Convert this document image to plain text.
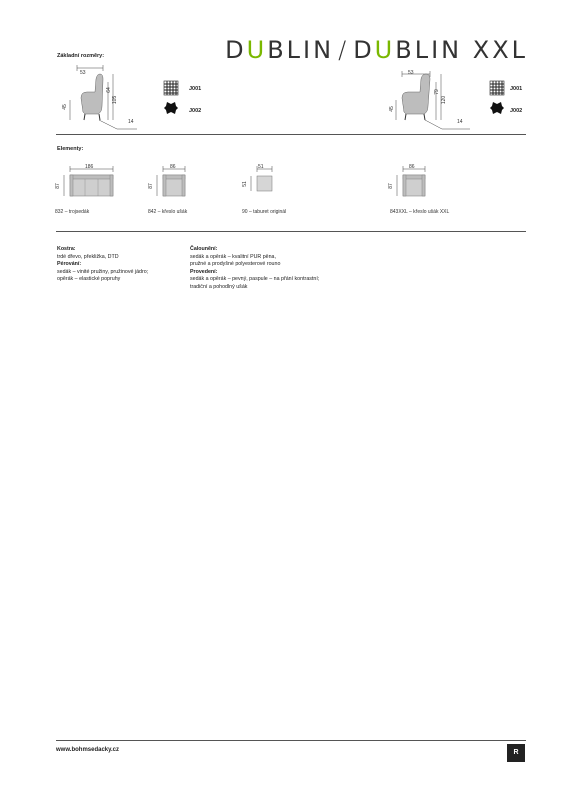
DUBLIN / DUBLIN XXL
Základní rozměry:
53
45
64
105
14
J001
J002
53
45
79
120
14
J001
J002
Elementy:
186
87
832 – trojsedák
86
87
842 – křeslo ušák
51
51
90 – taburet originál
86
87
843XXL – křeslo ušák XXL
Kostra:
trdé dřevo, překližka, DTD
Pérování:
sedák – vinité pružiny, pružinové jádro;
opěrák – elastické popruhy
Čalounění:
sedák a opěrák – kvalitní PUR pěna,
pružné a prodyšné polyesterové rouno
Provedení:
sedák a opěrák – pevný, paspule – na přání kontrastní;
tradiční a pohodlný ušák
www.bohmsedacky.cz	R
